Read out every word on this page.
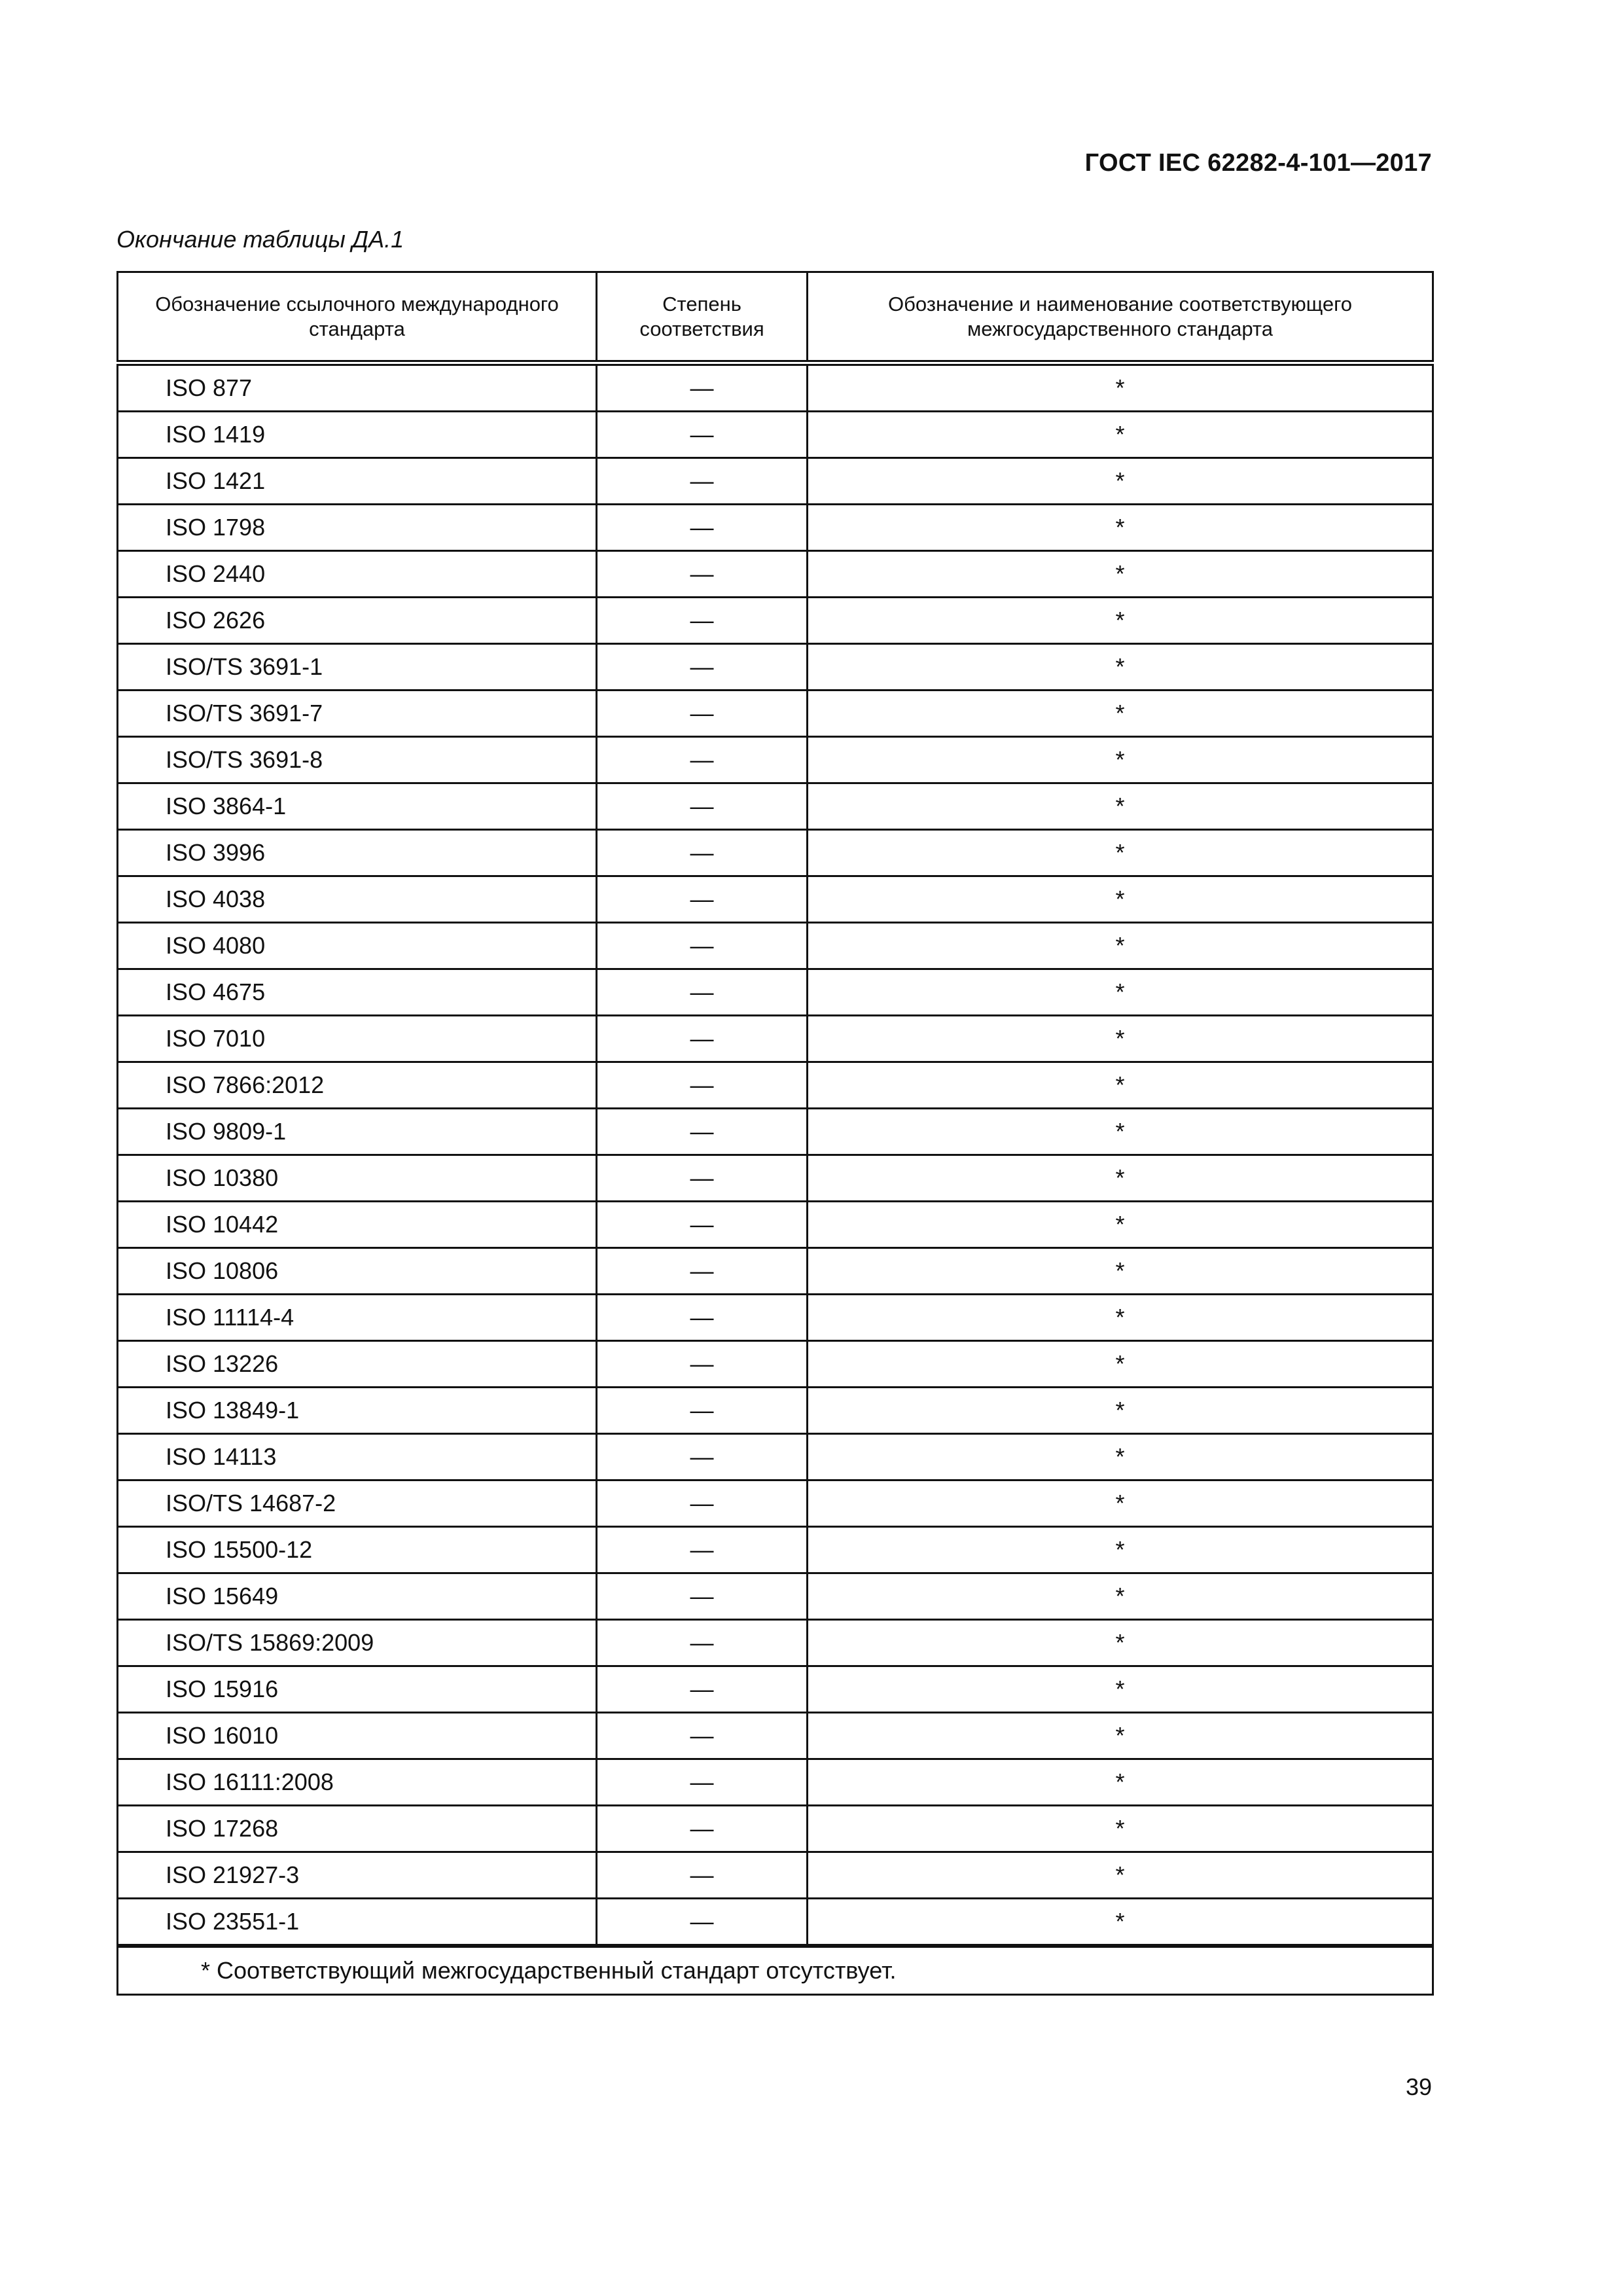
ГОСТ IEC 62282-4-101—2017
Окончание таблицы ДА.1
Обозначение ссылочного международного стандарта	Степень соответствия	Обозначение и наименование соответствующего межгосударственного стандарта
ISO 877	—	*
ISO 1419	—	*
ISO 1421	—	*
ISO 1798	—	*
ISO 2440	—	*
ISO 2626	—	*
ISO/TS 3691-1	—	*
ISO/TS 3691-7	—	*
ISO/TS 3691-8	—	*
ISO 3864-1	—	*
ISO 3996	—	*
ISO 4038	—	*
ISO 4080	—	*
ISO 4675	—	*
ISO 7010	—	*
ISO 7866:2012	—	*
ISO 9809-1	—	*
ISO 10380	—	*
ISO 10442	—	*
ISO 10806	—	*
ISO 11114-4	—	*
ISO 13226	—	*
ISO 13849-1	—	*
ISO 14113	—	*
ISO/TS 14687-2	—	*
ISO 15500-12	—	*
ISO 15649	—	*
ISO/TS 15869:2009	—	*
ISO 15916	—	*
ISO 16010	—	*
ISO 16111:2008	—	*
ISO 17268	—	*
ISO 21927-3	—	*
ISO 23551-1	—	*
* Соответствующий межгосударственный стандарт отсутствует.		
39
